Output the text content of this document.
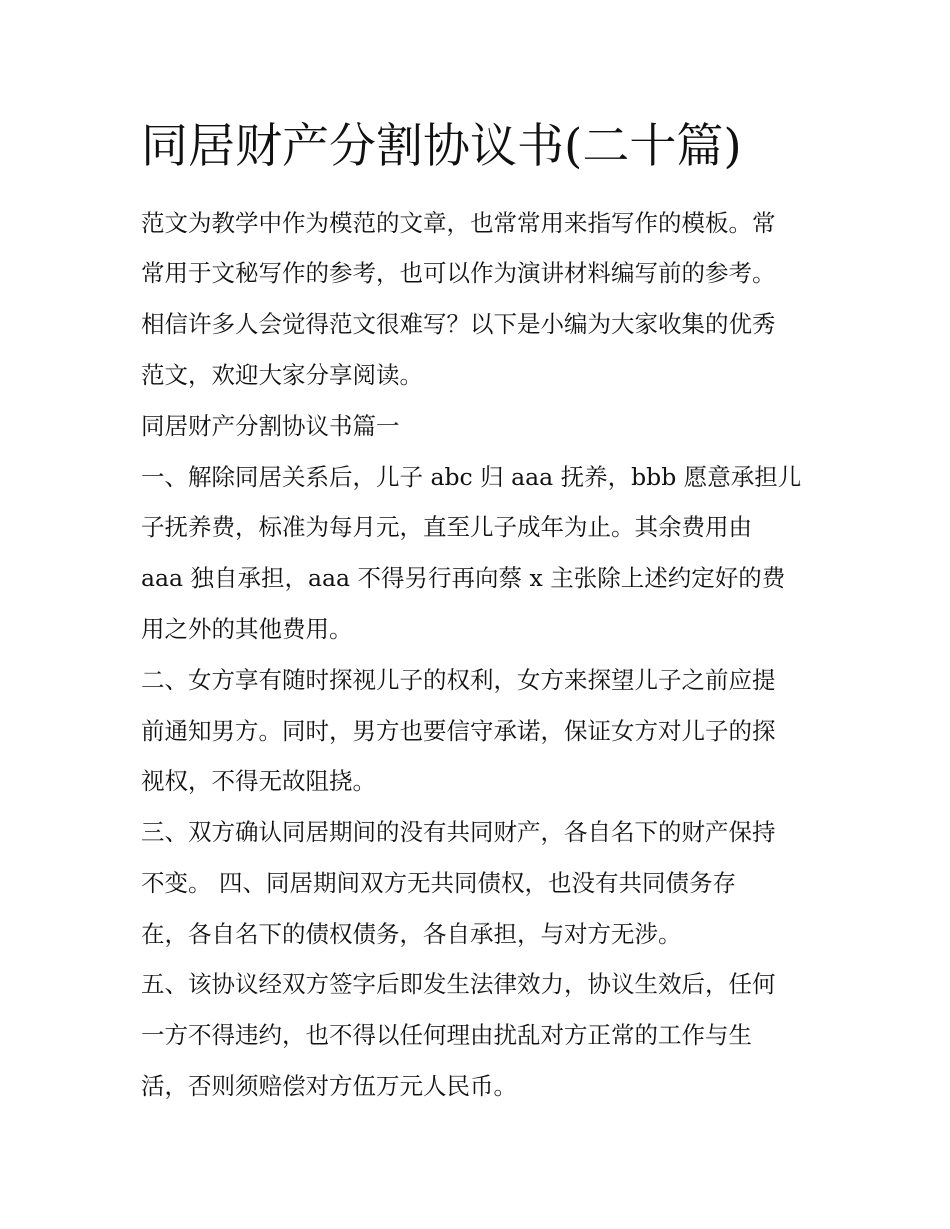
同居财产分割协议书(二十篇)

范文为教学中作为模范的文章，也常常用来指写作的模板。常

常用于文秘写作的参考，也可以作为演讲材料编写前的参考。

相信许多人会觉得范文很难写？以下是小编为大家收集的优秀

范文，欢迎大家分享阅读。

同居财产分割协议书篇一

一、解除同居关系后，儿子 abc 归 aaa 抚养，bbb 愿意承担儿

子抚养费，标准为每月元，直至儿子成年为止。其余费用由

aaa 独自承担，aaa 不得另行再向蔡 x 主张除上述约定好的费

用之外的其他费用。

二、女方享有随时探视儿子的权利，女方来探望儿子之前应提

前通知男方。同时，男方也要信守承诺，保证女方对儿子的探

视权，不得无故阻挠。

三、双方确认同居期间的没有共同财产，各自名下的财产保持

不变。 四、同居期间双方无共同债权，也没有共同债务存

在，各自名下的债权债务，各自承担，与对方无涉。

五、该协议经双方签字后即发生法律效力，协议生效后，任何

一方不得违约，也不得以任何理由扰乱对方正常的工作与生

活，否则须赔偿对方伍万元人民币。
